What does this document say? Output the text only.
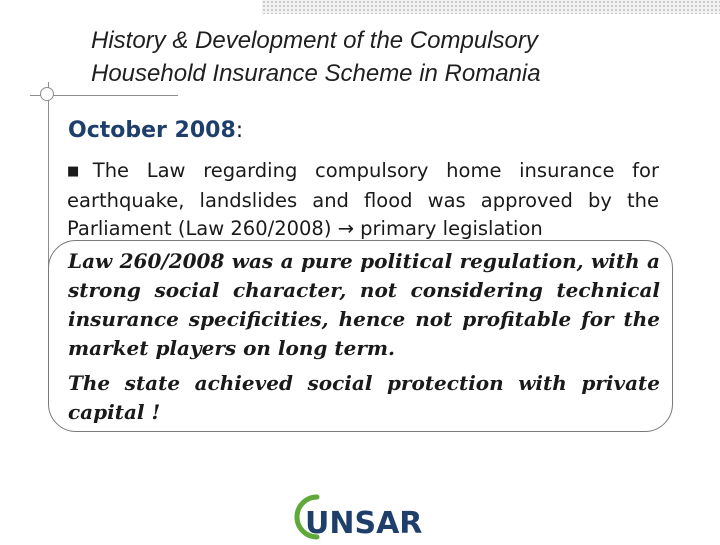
History & Development of the Compulsory
Household Insurance Scheme in Romania
October 2008:
■ The Law regarding compulsory home insurance for earthquake, landslides and flood was approved by the Parliament (Law 260/2008) → primary legislation

Law 260/2008 was a pure political regulation, with a strong social character, not considering technical insurance specificities, hence not profitable for the market players on long term.

The state achieved social protection with private capital !

UNSAR
